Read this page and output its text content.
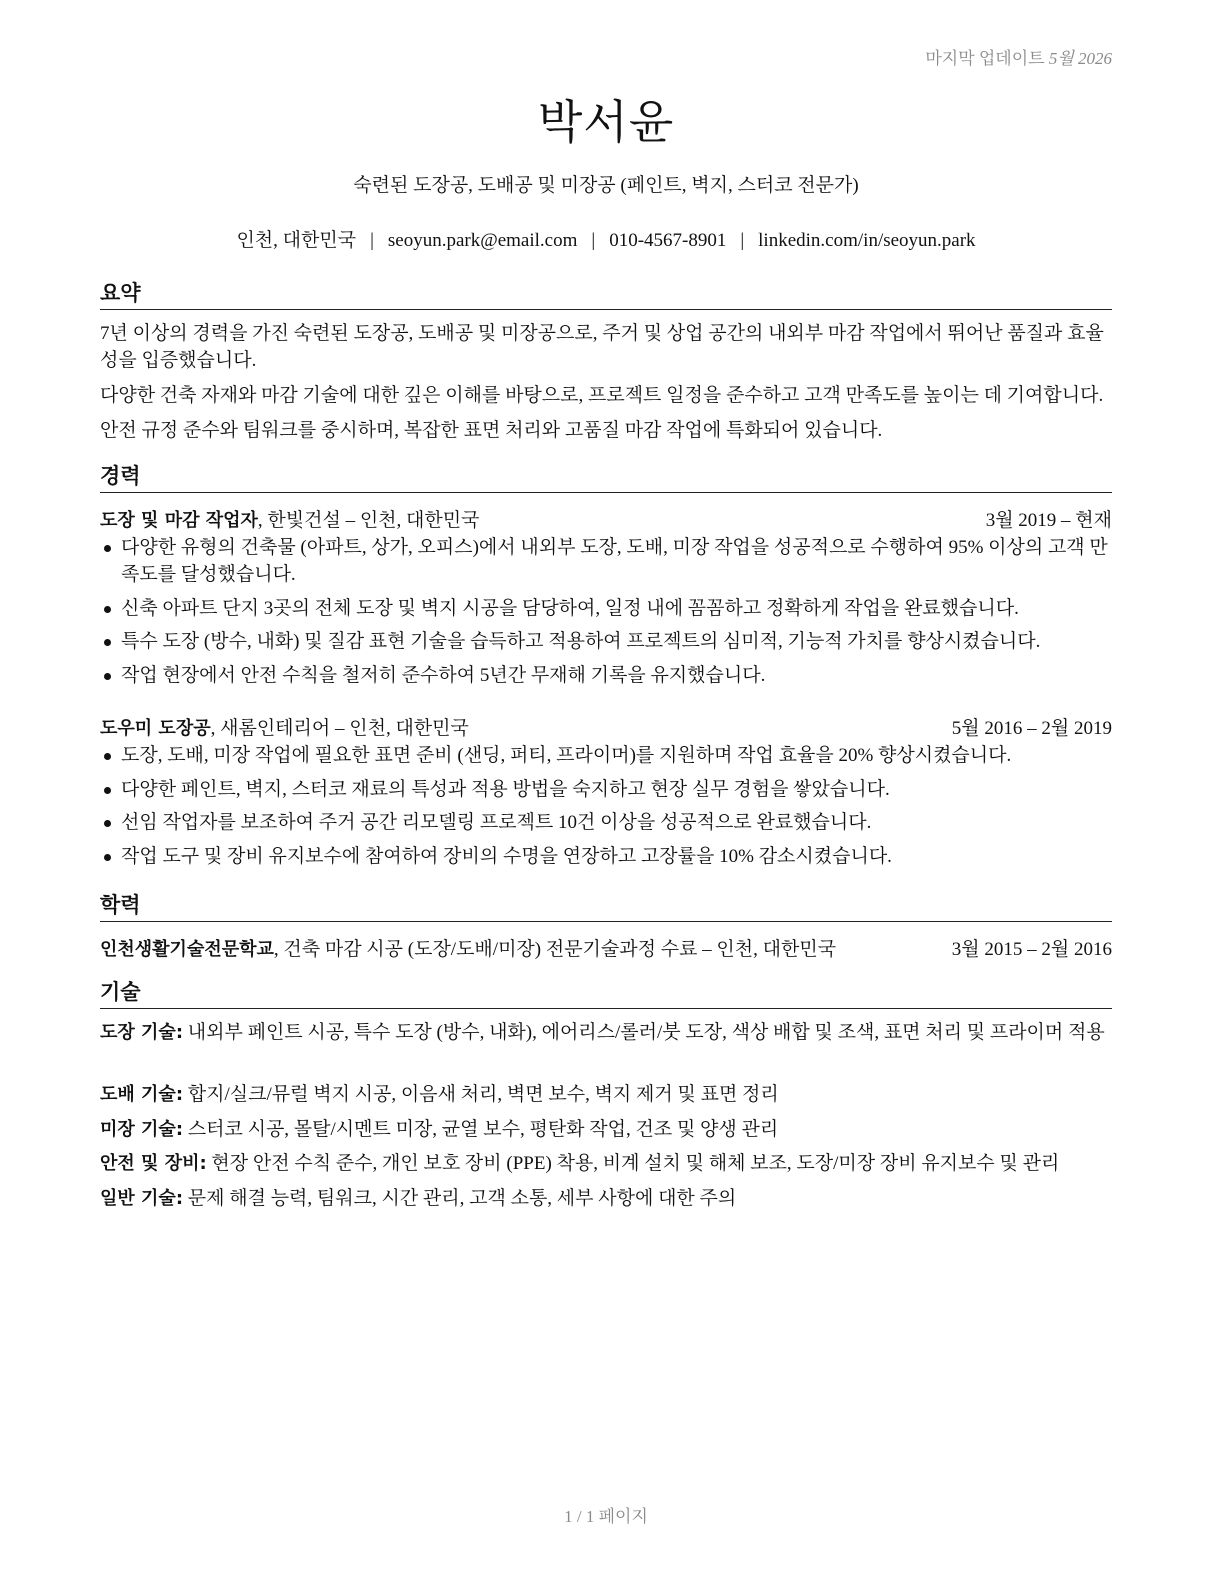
마지막 업데이트 5월 2026
박서윤
숙련된 도장공, 도배공 및 미장공 (페인트, 벽지, 스터코 전문가)
인천, 대한민국 | seoyun.park@email.com | 010-4567-8901 | linkedin.com/in/seoyun.park
요약
7년 이상의 경력을 가진 숙련된 도장공, 도배공 및 미장공으로, 주거 및 상업 공간의 내외부 마감 작업에서 뛰어난 품질과 효율성을 입증했습니다.
다양한 건축 자재와 마감 기술에 대한 깊은 이해를 바탕으로, 프로젝트 일정을 준수하고 고객 만족도를 높이는 데 기여합니다.
안전 규정 준수와 팀워크를 중시하며, 복잡한 표면 처리와 고품질 마감 작업에 특화되어 있습니다.
경력
도장 및 마감 작업자, 한빛건설 – 인천, 대한민국	3월 2019 – 현재
다양한 유형의 건축물 (아파트, 상가, 오피스)에서 내외부 도장, 도배, 미장 작업을 성공적으로 수행하여 95% 이상의 고객 만족도를 달성했습니다.
신축 아파트 단지 3곳의 전체 도장 및 벽지 시공을 담당하여, 일정 내에 꼼꼼하고 정확하게 작업을 완료했습니다.
특수 도장 (방수, 내화) 및 질감 표현 기술을 습득하고 적용하여 프로젝트의 심미적, 기능적 가치를 향상시켰습니다.
작업 현장에서 안전 수칙을 철저히 준수하여 5년간 무재해 기록을 유지했습니다.
도우미 도장공, 새롬인테리어 – 인천, 대한민국	5월 2016 – 2월 2019
도장, 도배, 미장 작업에 필요한 표면 준비 (샌딩, 퍼티, 프라이머)를 지원하며 작업 효율을 20% 향상시켰습니다.
다양한 페인트, 벽지, 스터코 재료의 특성과 적용 방법을 숙지하고 현장 실무 경험을 쌓았습니다.
선임 작업자를 보조하여 주거 공간 리모델링 프로젝트 10건 이상을 성공적으로 완료했습니다.
작업 도구 및 장비 유지보수에 참여하여 장비의 수명을 연장하고 고장률을 10% 감소시켰습니다.
학력
인천생활기술전문학교, 건축 마감 시공 (도장/도배/미장) 전문기술과정 수료 – 인천, 대한민국	3월 2015 – 2월 2016
기술
도장 기술: 내외부 페인트 시공, 특수 도장 (방수, 내화), 에어리스/롤러/붓 도장, 색상 배합 및 조색, 표면 처리 및 프라이머 적용
도배 기술: 합지/실크/뮤럴 벽지 시공, 이음새 처리, 벽면 보수, 벽지 제거 및 표면 정리
미장 기술: 스터코 시공, 몰탈/시멘트 미장, 균열 보수, 평탄화 작업, 건조 및 양생 관리
안전 및 장비: 현장 안전 수칙 준수, 개인 보호 장비 (PPE) 착용, 비계 설치 및 해체 보조, 도장/미장 장비 유지보수 및 관리
일반 기술: 문제 해결 능력, 팀워크, 시간 관리, 고객 소통, 세부 사항에 대한 주의
1 / 1 페이지
